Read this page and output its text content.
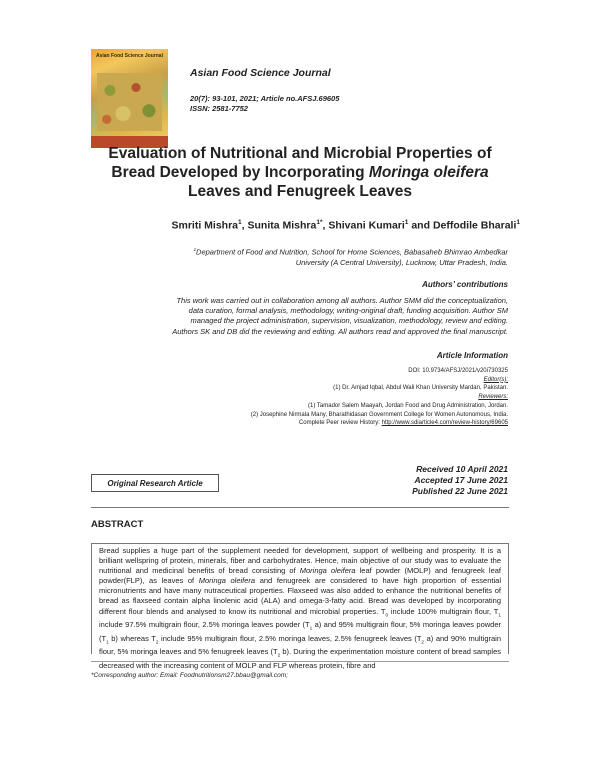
Asian Food Science Journal
Asian Food Science Journal
20(7): 93-101, 2021; Article no.AFSJ.69605
ISSN: 2581-7752
Evaluation of Nutritional and Microbial Properties of
Bread Developed by Incorporating Moringa oleifera
Leaves and Fenugreek Leaves
Smriti Mishra$^1$, Sunita Mishra$^{1*}$, Shivani Kumari$^1$ and Deffodile Bharali$^1$
$^1$Department of Food and Nutrition, School for Home Sciences, Babasaheb Bhimrao Ambedkar
University (A Central University), Lucknow, Uttar Pradesh, India.
Authors’ contributions
This work was carried out in collaboration among all authors. Author SMM did the conceptualization,
data curation, formal analysis, methodology, writing-original draft, funding acquisition. Author SM
managed the project administration, supervision, visualization, methodology, review and editing.
Authors SK and DB did the reviewing and editing. All authors read and approved the final manuscript.
Article Information
DOI: 10.9734/AFSJ/2021/v20i730325
Editor(s):
(1) Dr. Amjad Iqbal, Abdul Wali Khan University Mardan, Pakistan.
Reviewers:
(1) Tamador Salem Maayah, Jordan Food and Drug Administration, Jordan.
(2) Josephine Nirmala Many, Bharathidasan Government College for Women Autonomous, India.
Complete Peer review History: http://www.sdiarticle4.com/review-history/69605
Original Research Article
Received 10 April 2021
Accepted 17 June 2021
Published 22 June 2021
ABSTRACT
Bread supplies a huge part of the supplement needed for development, support of wellbeing and prosperity. It is a brilliant wellspring of protein, minerals, fiber and carbohydrates. Hence, main objective of our study was to evaluate the nutritional and medicinal benefits of bread consisting of Moringa oleifera leaf powder (MOLP) and fenugreek leaf powder(FLP), as leaves of Moringa oleifera and fenugreek are considered to have high proportion of essential micronutrients and have many nutraceutical properties. Flaxseed was also added to enhance the nutritional benefits of bread as flaxseed contain alpha linolenic acid (ALA) and omega-3-fatty acid. Bread was developed by incorporating different flour blends and analysed to know its nutritional and microbial properties. $T_0$ include 100% multigrain flour, $T_1$ include 97.5% multigrain flour, 2.5% moringa leaves powder ($T_1$ a) and 95% multigrain flour, 5% moringa leaves powder ($T_1$ b) whereas $T_2$ include 95% multigrain flour, 2.5% moringa leaves, 2.5% fenugreek leaves ($T_2$ a) and 90% multigrain flour, 5% moringa leaves and 5% fenugreek leaves ($T_2$ b). During the experimentation moisture content of bread samples decreased with the increasing content of MOLP and FLP whereas protein, fibre and
*Corresponding author: Email: Foodnutritionsm27.bbau@gmail.com;
